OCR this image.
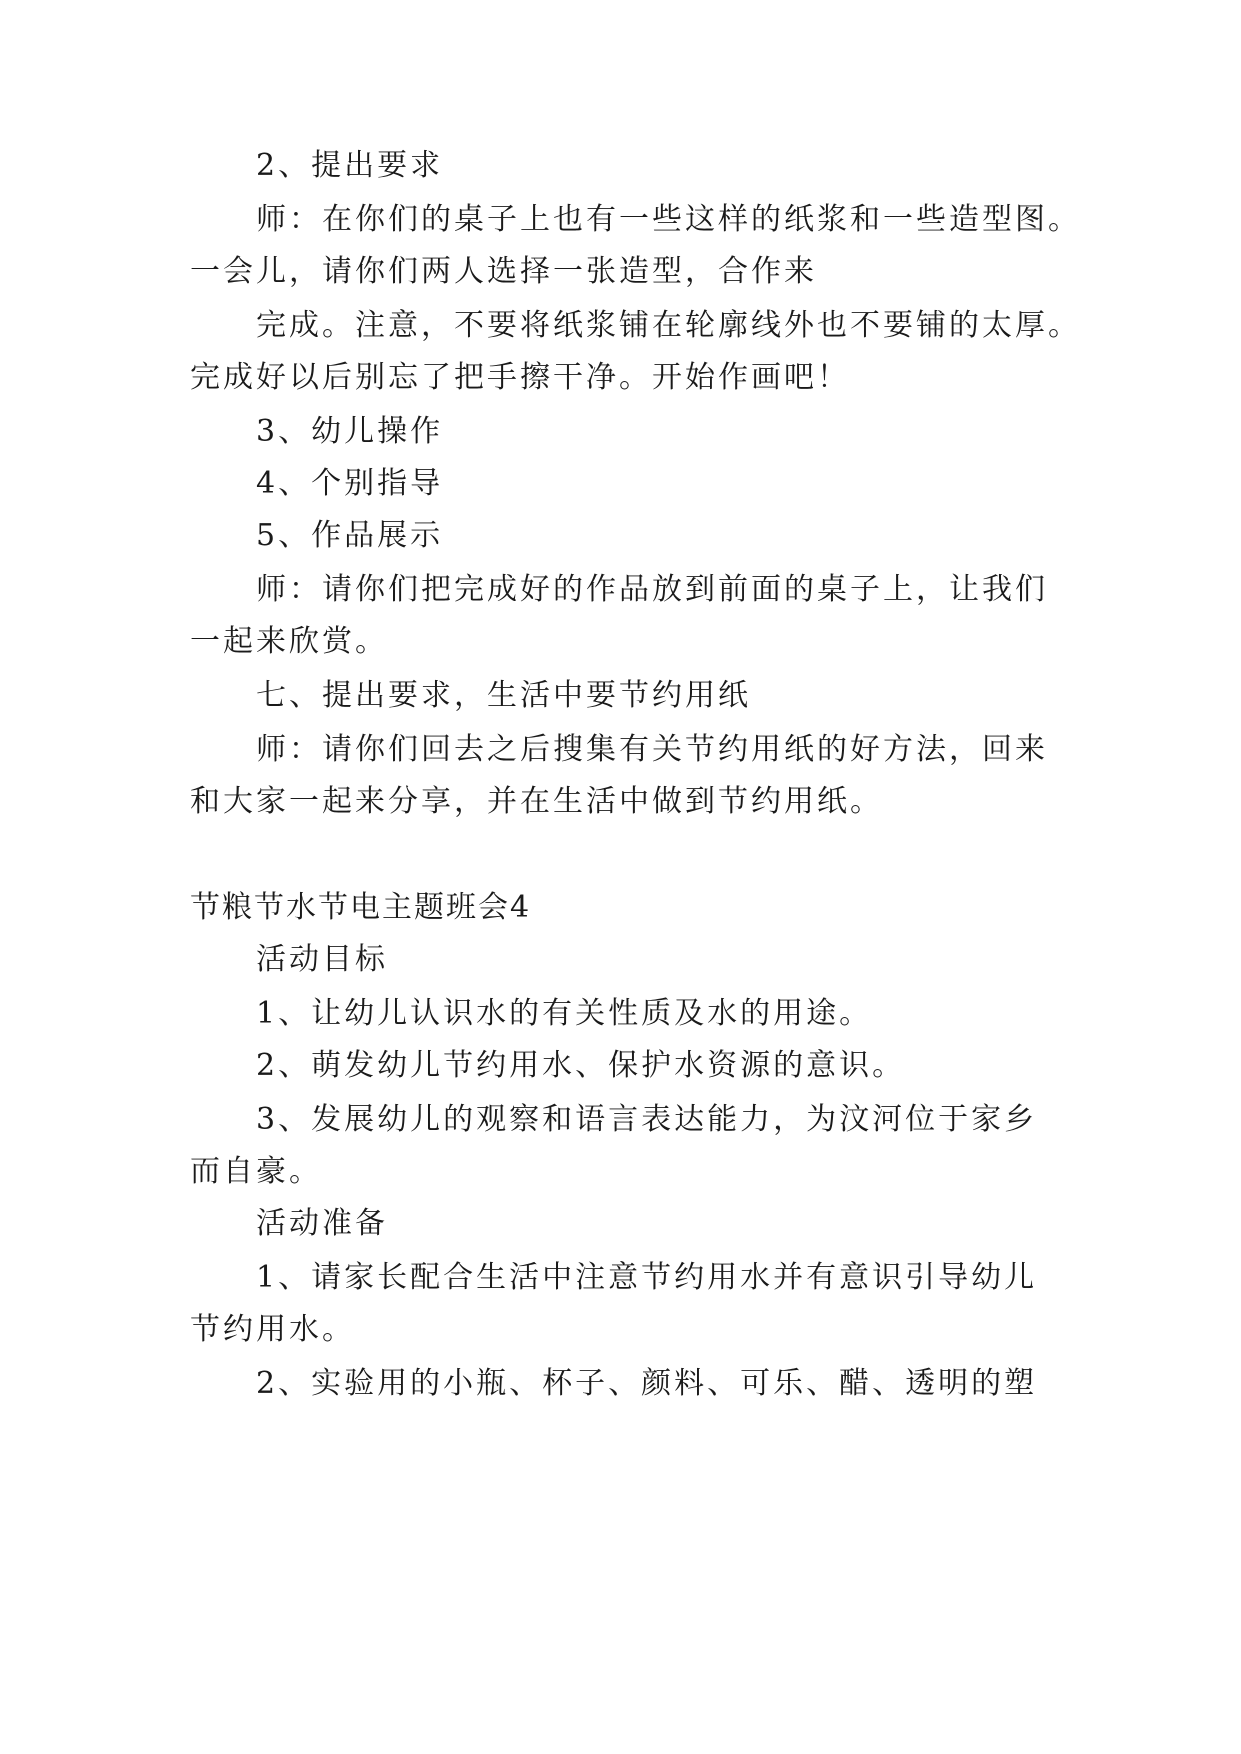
2、提出要求
师：在你们的桌子上也有一些这样的纸浆和一些造型图。
一会儿，请你们两人选择一张造型，合作来
完成。注意，不要将纸浆铺在轮廓线外也不要铺的太厚。
完成好以后别忘了把手擦干净。开始作画吧！
3、幼儿操作
4、个别指导
5、作品展示
师：请你们把完成好的作品放到前面的桌子上，让我们
一起来欣赏。
七、提出要求，生活中要节约用纸
师：请你们回去之后搜集有关节约用纸的好方法，回来
和大家一起来分享，并在生活中做到节约用纸。
节粮节水节电主题班会4
活动目标
1、让幼儿认识水的有关性质及水的用途。
2、萌发幼儿节约用水、保护水资源的意识。
3、发展幼儿的观察和语言表达能力，为汶河位于家乡
而自豪。
活动准备
1、请家长配合生活中注意节约用水并有意识引导幼儿
节约用水。
2、实验用的小瓶、杯子、颜料、可乐、醋、透明的塑
